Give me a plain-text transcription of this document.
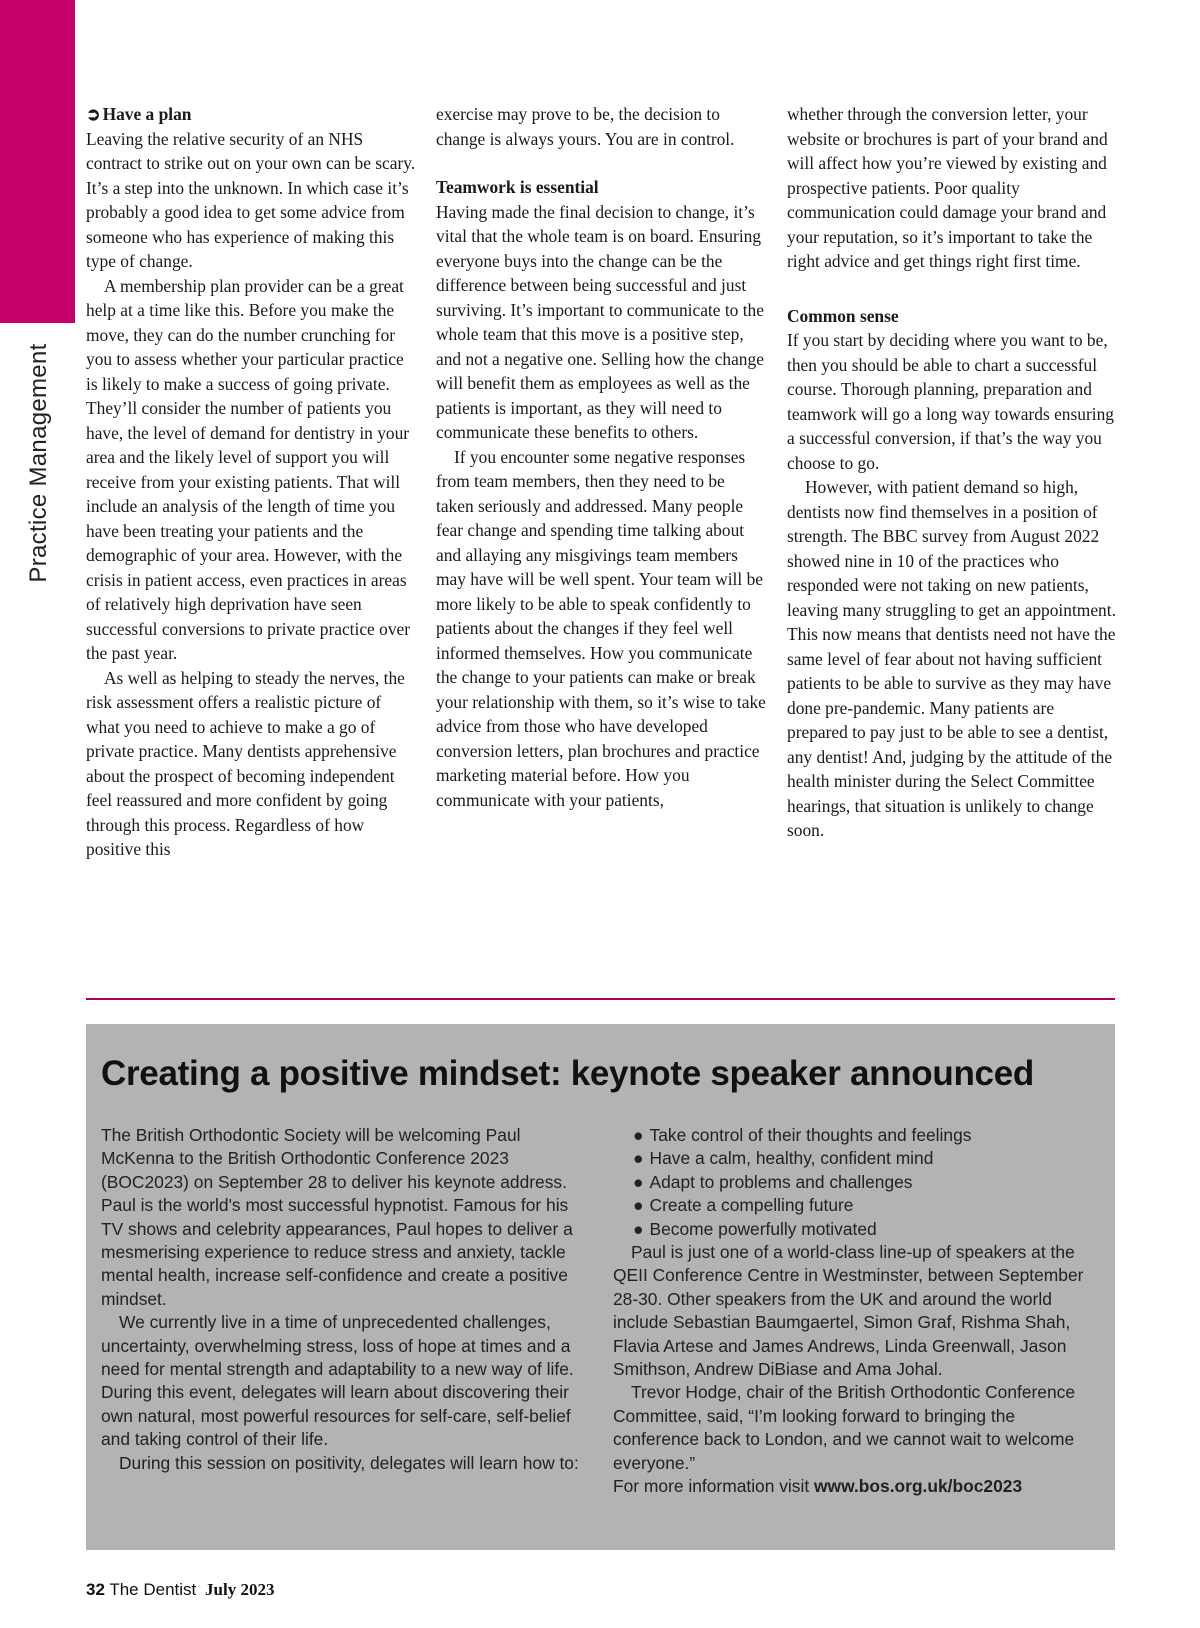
Practice Management
➲ Have a plan

Leaving the relative security of an NHS contract to strike out on your own can be scary. It’s a step into the unknown. In which case it’s probably a good idea to get some advice from someone who has experience of making this type of change.

A membership plan provider can be a great help at a time like this. Before you make the move, they can do the number crunching for you to assess whether your particular practice is likely to make a success of going private. They’ll consider the number of patients you have, the level of demand for dentistry in your area and the likely level of support you will receive from your existing patients. That will include an analysis of the length of time you have been treating your patients and the demographic of your area. However, with the crisis in patient access, even practices in areas of relatively high deprivation have seen successful conversions to private practice over the past year.

As well as helping to steady the nerves, the risk assessment offers a realistic picture of what you need to achieve to make a go of private practice. Many dentists apprehensive about the prospect of becoming independent feel reassured and more confident by going through this process. Regardless of how positive this

exercise may prove to be, the decision to change is always yours. You are in control.

Teamwork is essential

Having made the final decision to change, it’s vital that the whole team is on board. Ensuring everyone buys into the change can be the difference between being successful and just surviving. It’s important to communicate to the whole team that this move is a positive step, and not a negative one. Selling how the change will benefit them as employees as well as the patients is important, as they will need to communicate these benefits to others.

If you encounter some negative responses from team members, then they need to be taken seriously and addressed. Many people fear change and spending time talking about and allaying any misgivings team members may have will be well spent. Your team will be more likely to be able to speak confidently to patients about the changes if they feel well informed themselves. How you communicate the change to your patients can make or break your relationship with them, so it’s wise to take advice from those who have developed conversion letters, plan brochures and practice marketing material before. How you communicate with your patients,

whether through the conversion letter, your website or brochures is part of your brand and will affect how you’re viewed by existing and prospective patients. Poor quality communication could damage your brand and your reputation, so it’s important to take the right advice and get things right first time.

Common sense

If you start by deciding where you want to be, then you should be able to chart a successful course. Thorough planning, preparation and teamwork will go a long way towards ensuring a successful conversion, if that’s the way you choose to go.

However, with patient demand so high, dentists now find themselves in a position of strength. The BBC survey from August 2022 showed nine in 10 of the practices who responded were not taking on new patients, leaving many struggling to get an appointment. This now means that dentists need not have the same level of fear about not having sufficient patients to be able to survive as they may have done pre-pandemic. Many patients are prepared to pay just to be able to see a dentist, any dentist! And, judging by the attitude of the health minister during the Select Committee hearings, that situation is unlikely to change soon.

Creating a positive mindset: keynote speaker announced

The British Orthodontic Society will be welcoming Paul McKenna to the British Orthodontic Conference 2023 (BOC2023) on September 28 to deliver his keynote address. Paul is the world's most successful hypnotist. Famous for his TV shows and celebrity appearances, Paul hopes to deliver a mesmerising experience to reduce stress and anxiety, tackle mental health, increase self-confidence and create a positive mindset.

We currently live in a time of unprecedented challenges, uncertainty, overwhelming stress, loss of hope at times and a need for mental strength and adaptability to a new way of life. During this event, delegates will learn about discovering their own natural, most powerful resources for self-care, self-belief and taking control of their life.

During this session on positivity, delegates will learn how to:

● Take control of their thoughts and feelings
● Have a calm, healthy, confident mind
● Adapt to problems and challenges
● Create a compelling future
● Become powerfully motivated

Paul is just one of a world-class line-up of speakers at the QEII Conference Centre in Westminster, between September 28-30. Other speakers from the UK and around the world include Sebastian Baumgaertel, Simon Graf, Rishma Shah, Flavia Artese and James Andrews, Linda Greenwall, Jason Smithson, Andrew DiBiase and Ama Johal.

Trevor Hodge, chair of the British Orthodontic Conference Committee, said, “I’m looking forward to bringing the conference back to London, and we cannot wait to welcome everyone.”

For more information visit www.bos.org.uk/boc2023

32 The Dentist July 2023
